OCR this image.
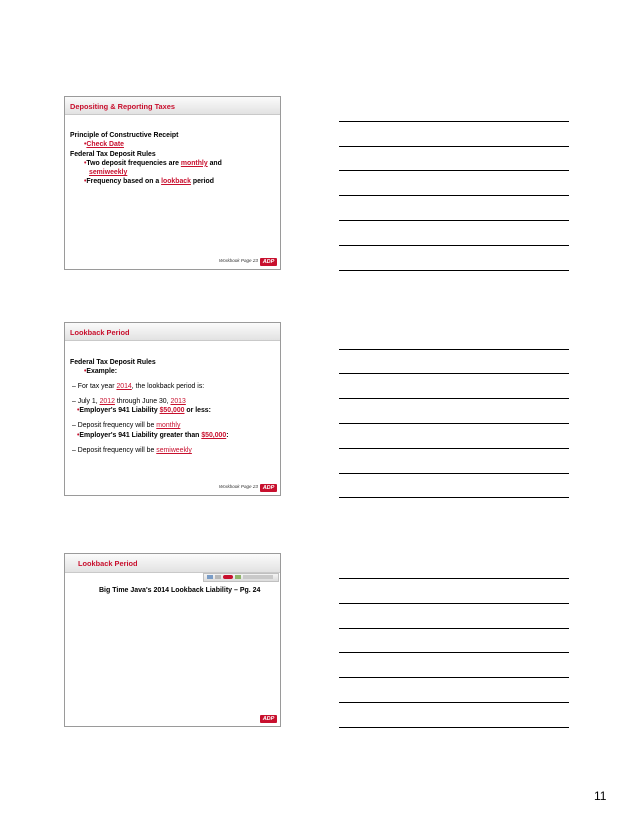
Depositing & Reporting Taxes
Principle of Constructive Receipt
•Check Date
Federal Tax Deposit Rules
•Two deposit frequencies are monthly and
semiweekly
•Frequency based on a lookback period
Workbook Page 23 ADP
Lookback Period
Federal Tax Deposit Rules
•Example:
– For tax year 2014, the lookback period is:
– July 1, 2012 through June 30, 2013
•Employer's 941 Liability $50,000 or less:
– Deposit frequency will be monthly
•Employer's 941 Liability greater than $50,000:
– Deposit frequency will be semiweekly
Workbook Page 23 ADP
Lookback Period
Big Time Java's 2014 Lookback Liability – Pg. 24
ADP
11
